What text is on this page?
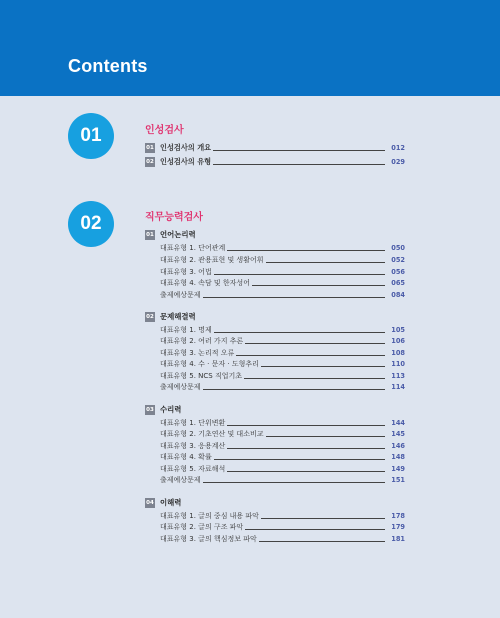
Contents
01	인성검사
01 인성검사의 개요	012
02 인성검사의 유형	029
02	직무능력검사
01 언어논리력
대표유형 1. 단어관계	050
대표유형 2. 관용표현 및 생활어휘	052
대표유형 3. 어법	056
대표유형 4. 속담 및 한자성어	065
출제예상문제	084
02 문제해결력
대표유형 1. 명제	105
대표유형 2. 여러 가지 추론	106
대표유형 3. 논리적 오류	108
대표유형 4. 수 · 문자 · 도형추리	110
대표유형 5. NCS 직업기초	113
출제예상문제	114
03 수리력
대표유형 1. 단위변환	144
대표유형 2. 기초연산 및 대소비교	145
대표유형 3. 응용계산	146
대표유형 4. 확률	148
대표유형 5. 자료해석	149
출제예상문제	151
04 이해력
대표유형 1. 글의 중심 내용 파악	178
대표유형 2. 글의 구조 파악	179
대표유형 3. 글의 핵심정보 파악	181
